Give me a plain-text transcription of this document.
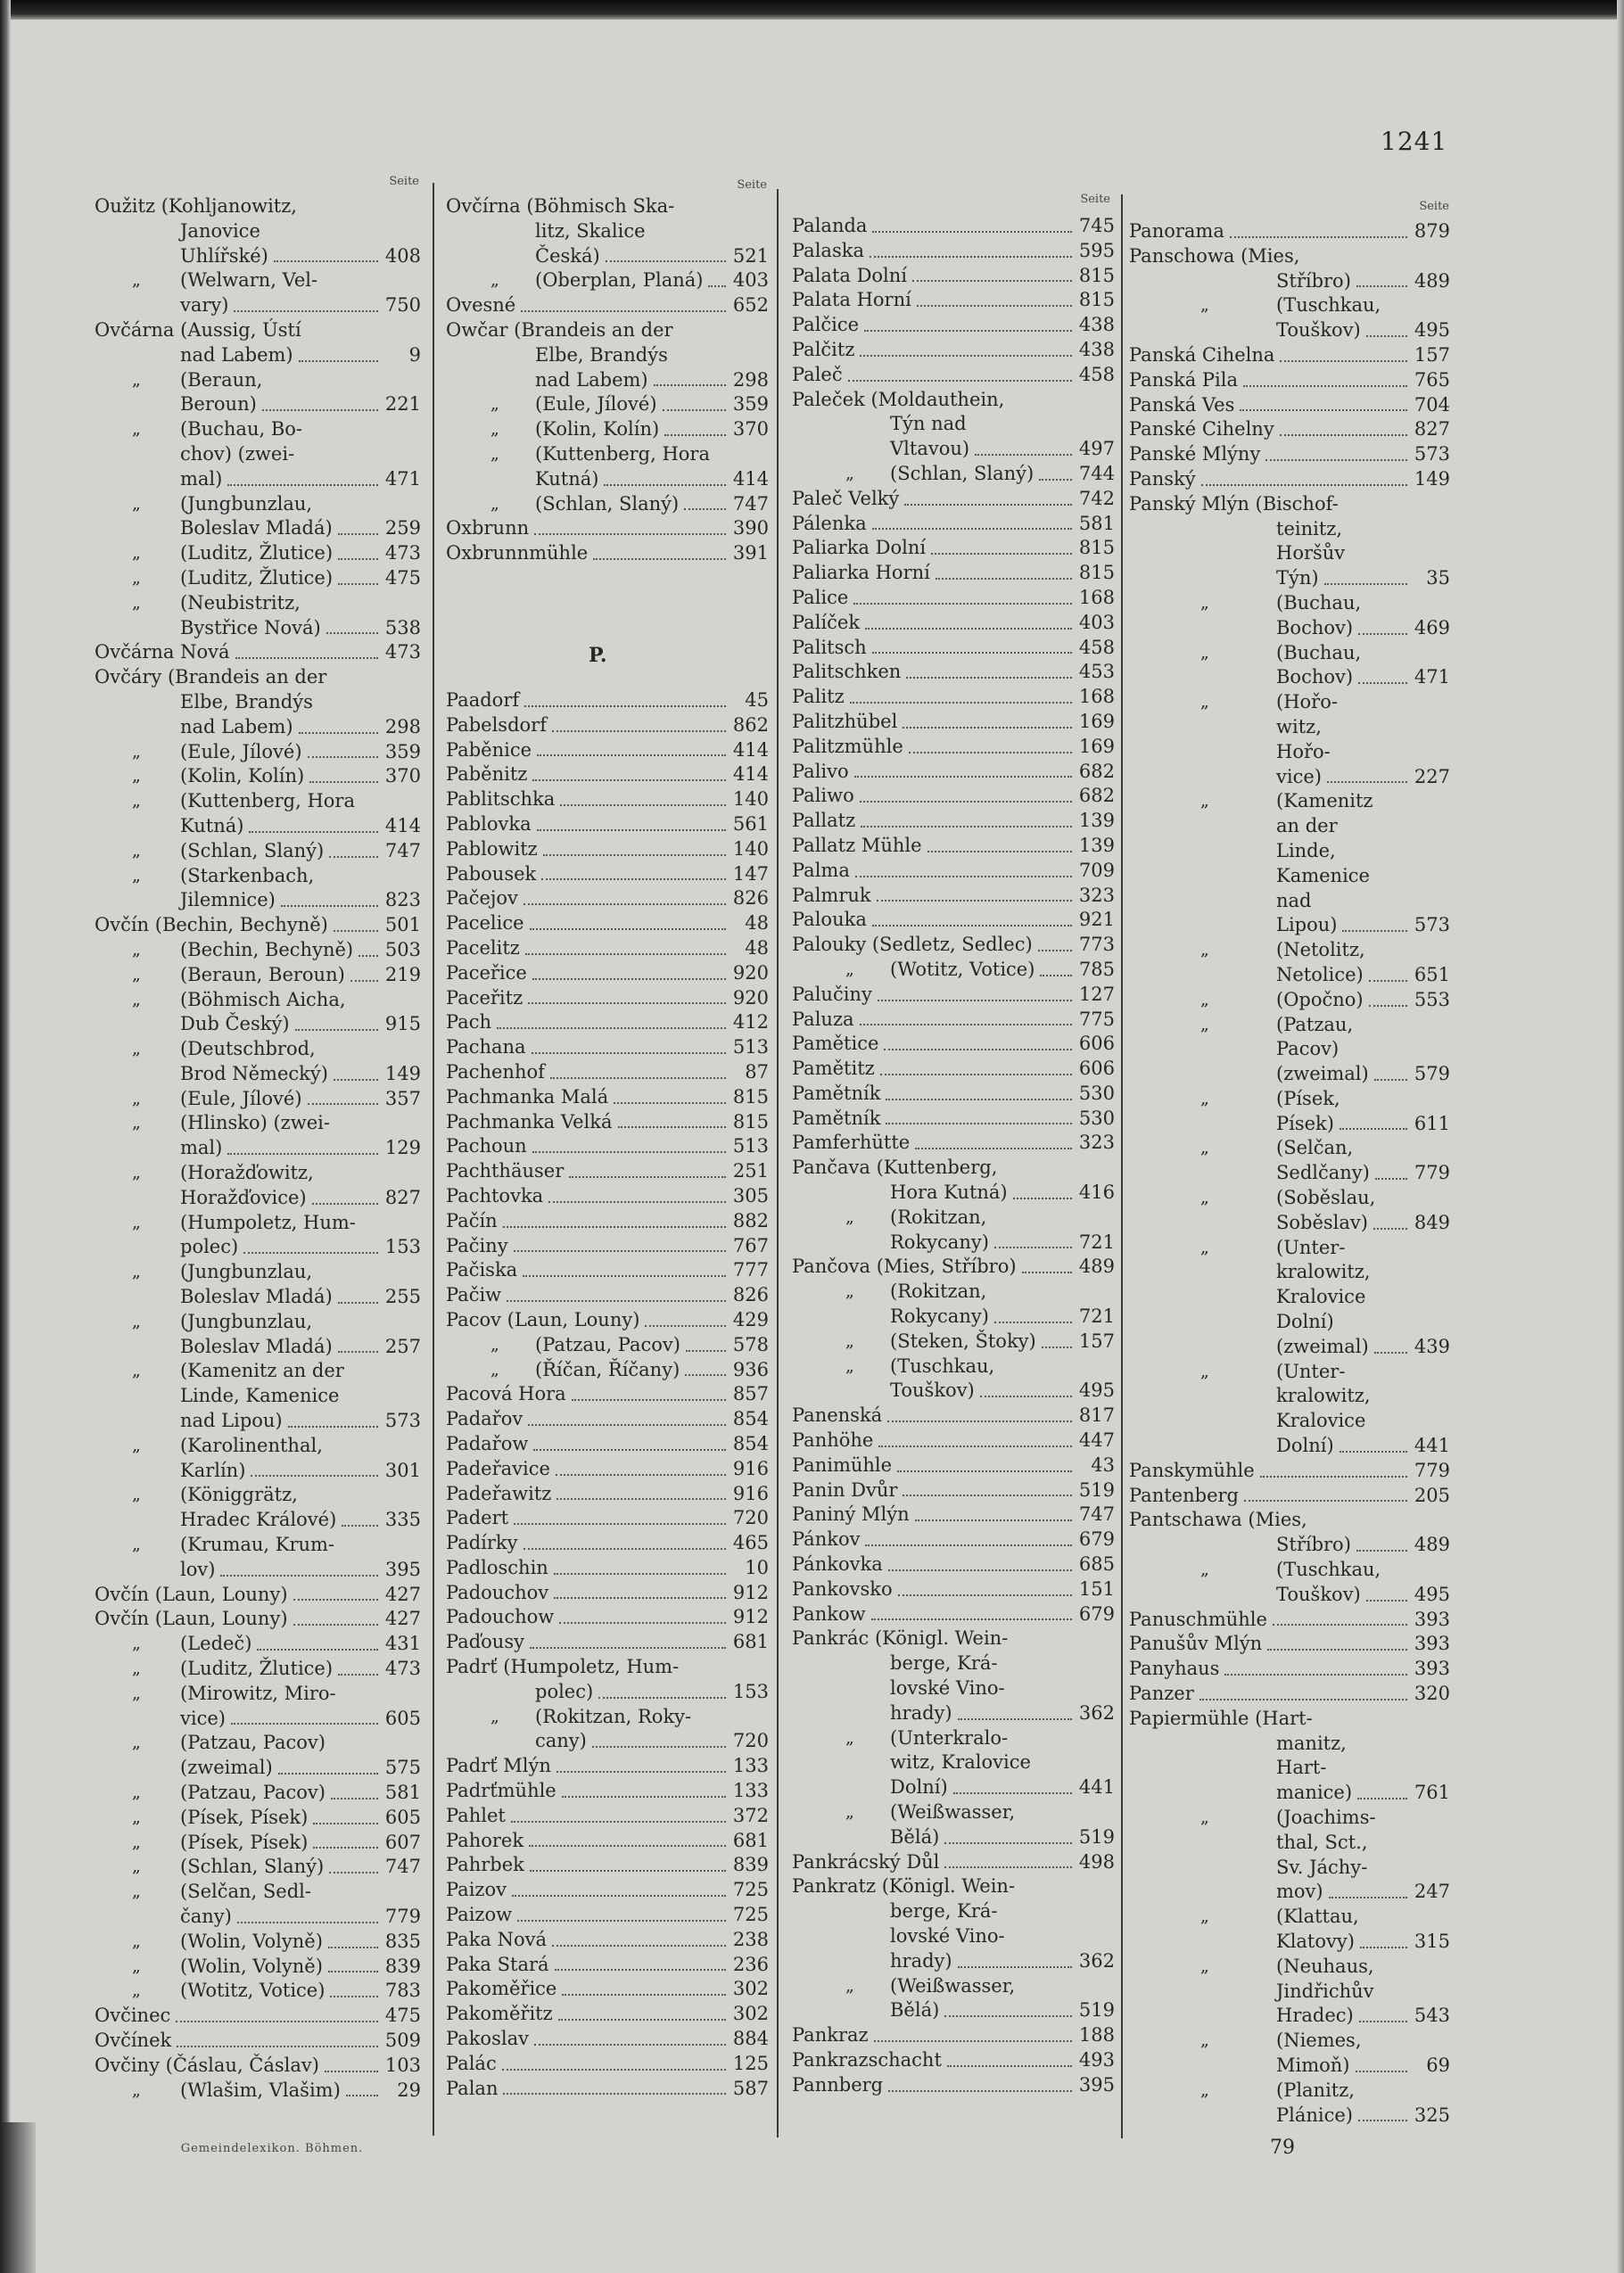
1241
Seite	Seite
Seite
Seite
Oužitz (Kohljanowitz,
Janovice
Uhlířské)	408
„ (Welwarn, Vel-
vary)	750
Ovčárna (Aussig, Ústí
nad Labem)	9
„ (Beraun,
Beroun)	221
„ (Buchau, Bo-
chov) (zwei-
mal)	471
„ (Jungbunzlau,
Boleslav Mladá)	259
„ (Luditz, Žlutice)	473
„ (Luditz, Žlutice)	475
„ (Neubistritz,
Bystřice Nová)	538
Ovčárna Nová	473
Ovčáry (Brandeis an der
Elbe, Brandýs
nad Labem)	298
„ (Eule, Jílové)	359
„ (Kolin, Kolín)	370
„ (Kuttenberg, Hora
Kutná)	414
„ (Schlan, Slaný)	747
„ (Starkenbach,
Jilemnice)	823
Ovčín (Bechin, Bechyně)	501
„ (Bechin, Bechyně) 503
„ (Beraun, Beroun) 219
„ (Böhmisch Aicha,
Dub Český)	915
„ (Deutschbrod,
Brod Německý)	149
„ (Eule, Jílové)	357
„ (Hlinsko) (zwei-
mal)	129
„ (Horažďowitz,
Horažďovice)	827
„ (Humpoletz, Hum-
polec)	153
„ (Jungbunzlau,
Boleslav Mladá)	255
„ (Jungbunzlau,
Boleslav Mladá)	257
„ (Kamenitz an der
Linde, Kamenice
nad Lipou)	573
„ (Karolinenthal,
Karlín)	301
„ (Königgrätz,
Hradec Králové)	335
„ (Krumau, Krum-
lov)	395
Ovčín (Laun, Louny)	427
Ovčín (Laun, Louny)	427
„ (Ledeč)	431
„ (Luditz, Žlutice)	473
„ (Mirowitz, Miro-
vice)	605
„ (Patzau, Pacov)
(zweimal)	575
„ (Patzau, Pacov)	581
„ (Písek, Písek)	605
„ (Písek, Písek)	607
„ (Schlan, Slaný)	747
„ (Selčan, Sedl-
čany)	779
„ (Wolin, Volyně)	835
„ (Wolin, Volyně)	839
„ (Wotitz, Votice)	783
Ovčinec	475
Ovčínek	509
Ovčiny (Čáslau, Čáslav)	103
„ (Wlašim, Vlašim)	29
Ovčírna (Böhmisch Ska-
litz, Skalice
Česká)	521
„ (Oberplan, Planá) 403
Ovesné	652
Owčar (Brandeis an der
Elbe, Brandýs
nad Labem)	298
„ (Eule, Jílové)	359
„ (Kolin, Kolín)	370
„ (Kuttenberg, Hora
Kutná)	414
„ (Schlan, Slaný)	747
Oxbrunn	390
Oxbrunnmühle	391
P.
Paadorf	45
Pabelsdorf	862
Paběnice	414
Paběnitz	414
Pablitschka	140
Pablovka	561
Pablowitz	140
Pabousek	147
Pačejov	826
Pacelice	48
Pacelitz	48
Paceřice	920
Paceřitz	920
Pach	412
Pachana	513
Pachenhof	87
Pachmanka Malá	815
Pachmanka Velká	815
Pachoun	513
Pachthäuser	251
Pachtovka	305
Pačín	882
Pačiny	767
Pačiska	777
Pačiw	826
Pacov (Laun, Louny)	429
„ (Patzau, Pacov)	578
„ (Říčan, Říčany)	936
Pacová Hora	857
Padařov	854
Padařow	854
Padeřavice	916
Padeřawitz	916
Padert	720
Padírky	465
Padloschin	10
Padouchov	912
Padouchow	912
Paďousy	681
Padrť (Humpoletz, Hum-
polec)	153
„ (Rokitzan, Roky-
cany)	720
Padrť Mlýn	133
Padrťmühle	133
Pahlet	372
Pahorek	681
Pahrbek	839
Paizov	725
Paizow	725
Paka Nová	238
Paka Stará	236
Pakoměřice	302
Pakoměřitz	302
Pakoslav	884
Palác	125
Palan	587
Palanda	745
Palaska	595
Palata Dolní	815
Palata Horní	815
Palčice	438
Palčitz	438
Paleč	458
Paleček (Moldauthein,
Týn nad
Vltavou)	497
„ (Schlan, Slaný) 744
Paleč Velký	742
Pálenka	581
Paliarka Dolní	815
Paliarka Horní	815
Palice	168
Palíček	403
Palitsch	458
Palitschken	453
Palitz	168
Palitzhübel	169
Palitzmühle	169
Palivo	682
Paliwo	682
Pallatz	139
Pallatz Mühle	139
Palma	709
Palmruk	323
Palouka	921
Palouky (Sedletz, Sedlec) 773
„ (Wotitz, Votice) 785
Palučiny	127
Paluza	775
Pamětice	606
Pamětitz	606
Pamětník	530
Pamětník	530
Pamferhütte	323
Pančava (Kuttenberg,
Hora Kutná)	416
„ (Rokitzan,
Rokycany)	721
Pančova (Mies, Stříbro)	489
„ (Rokitzan,
Rokycany)	721
„ (Steken, Štoky) 157
„ (Tuschkau,
Touškov)	495
Panenská	817
Panhöhe	447
Panimühle	43
Panin Dvůr	519
Paniný Mlýn	747
Pánkov	679
Pánkovka	685
Pankovsko	151
Pankow	679
Pankrác (Königl. Wein-
berge, Krá-
lovské Vino-
hrady)	362
„ (Unterkralo-
witz, Kralovice
Dolní)	441
„ (Weißwasser,
Bělá)	519
Pankrácský Důl	498
Pankratz (Königl. Wein-
berge, Krá-
lovské Vino-
hrady)	362
„ (Weißwasser,
Bělá)	519
Pankraz	188
Pankrazschacht	493
Pannberg	395
Panorama	879
Panschowa (Mies,
Stříbro)	489
„	(Tuschkau,
Touškov)	495
Panská Cihelna	157
Panská Pila	765
Panská Ves	704
Panské Cihelny	827
Panské Mlýny	573
Panský	149
Panský Mlýn (Bischof-
teinitz,
Horšův
Týn)	35
„	(Buchau,
Bochov)	469
„	(Buchau,
Bochov)	471
„	(Hořo-
witz,
Hořo-
vice)	227
„	(Kamenitz
an der
Linde,
Kamenice
nad
Lipou)	573
„	(Netolitz,
Netolice)	651
„	(Opočno)	553
„	(Patzau,
Pacov)
(zweimal) 579
„	(Písek,
Písek)	611
„	(Selčan,
Sedlčany) 779
„	(Soběslau,
Soběslav) 849
„	(Unter-
kralowitz,
Kralovice
Dolní)
(zweimal) 439
„	(Unter-
kralowitz,
Kralovice
Dolní)	441
Panskymühle	779
Pantenberg	205
Pantschawa (Mies,
Stříbro)	489
„	(Tuschkau,
Touškov)	495
Panuschmühle	393
Panušův Mlýn	393
Panyhaus	393
Panzer	320
Papiermühle (Hart-
manitz,
Hart-
manice)	761
„	(Joachims-
thal, Sct.,
Sv. Jáchy-
mov)	247
„	(Klattau,
Klatovy)	315
„	(Neuhaus,
Jindřichův
Hradec)	543
„	(Niemes,
Mimoň)	69
„	(Planitz,
Plánice)	325
Gemeindelexikon. Böhmen.	79
